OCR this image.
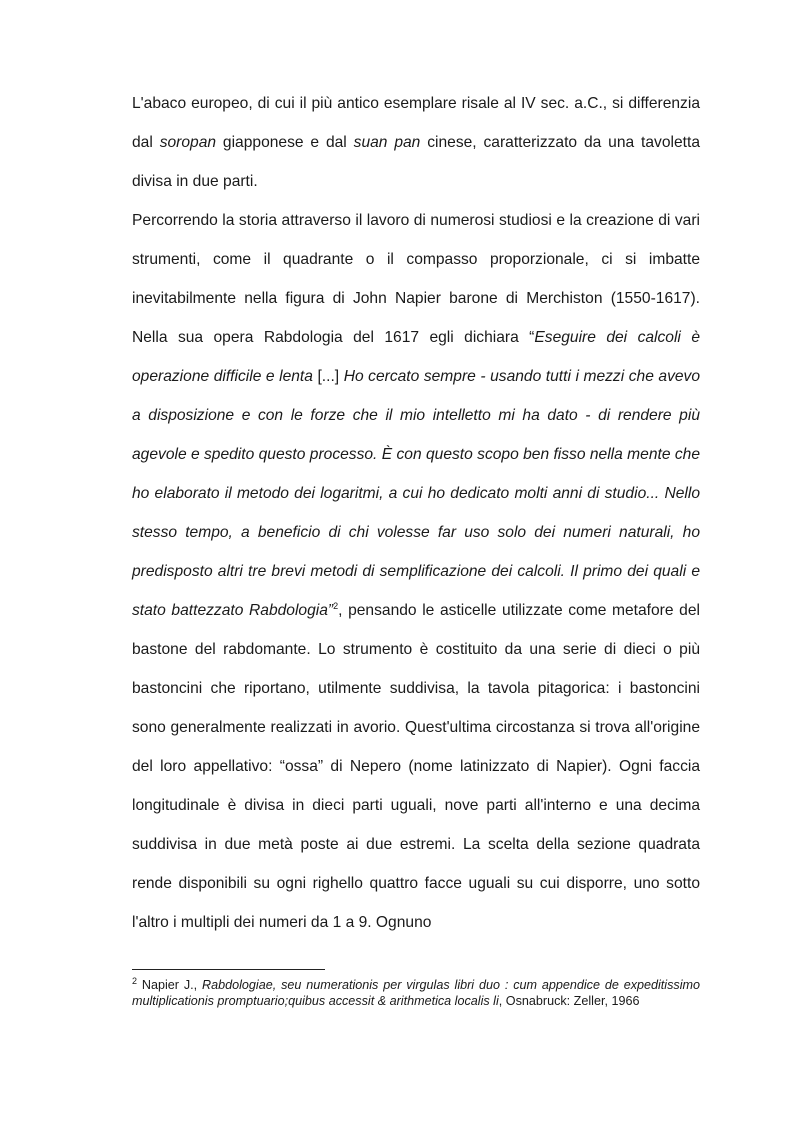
L'abaco europeo, di cui il più antico esemplare risale al IV sec. a.C., si differenzia dal soropan giapponese e dal suan pan cinese, caratterizzato da una tavoletta divisa in due parti.

Percorrendo la storia attraverso il lavoro di numerosi studiosi e la creazione di vari strumenti, come il quadrante o il compasso proporzionale, ci si imbatte inevitabilmente nella figura di John Napier barone di Merchiston (1550-1617). Nella sua opera Rabdologia del 1617 egli dichiara “Eseguire dei calcoli è operazione difficile e lenta [...] Ho cercato sempre - usando tutti i mezzi che avevo a disposizione e con le forze che il mio intelletto mi ha dato - di rendere più agevole e spedito questo processo. È con questo scopo ben fisso nella mente che ho elaborato il metodo dei logaritmi, a cui ho dedicato molti anni di studio... Nello stesso tempo, a beneficio di chi volesse far uso solo dei numeri naturali, ho predisposto altri tre brevi metodi di semplificazione dei calcoli. Il primo dei quali e stato battezzato Rabdologia”$^2$, pensando le asticelle utilizzate come metafore del bastone del rabdomante. Lo strumento è costituito da una serie di dieci o più bastoncini che riportano, utilmente suddivisa, la tavola pitagorica: i bastoncini sono generalmente realizzati in avorio. Quest'ultima circostanza si trova all'origine del loro appellativo: “ossa” di Nepero (nome latinizzato di Napier). Ogni faccia longitudinale è divisa in dieci parti uguali, nove parti all'interno e una decima suddivisa in due metà poste ai due estremi. La scelta della sezione quadrata rende disponibili su ogni righello quattro facce uguali su cui disporre, uno sotto l'altro i multipli dei numeri da 1 a 9. Ognuno

$^2$ Napier J., Rabdologiae, seu numerationis per virgulas libri duo : cum appendice de expeditissimo multiplicationis promptuario;quibus accessit & arithmetica localis li, Osnabruck: Zeller, 1966
